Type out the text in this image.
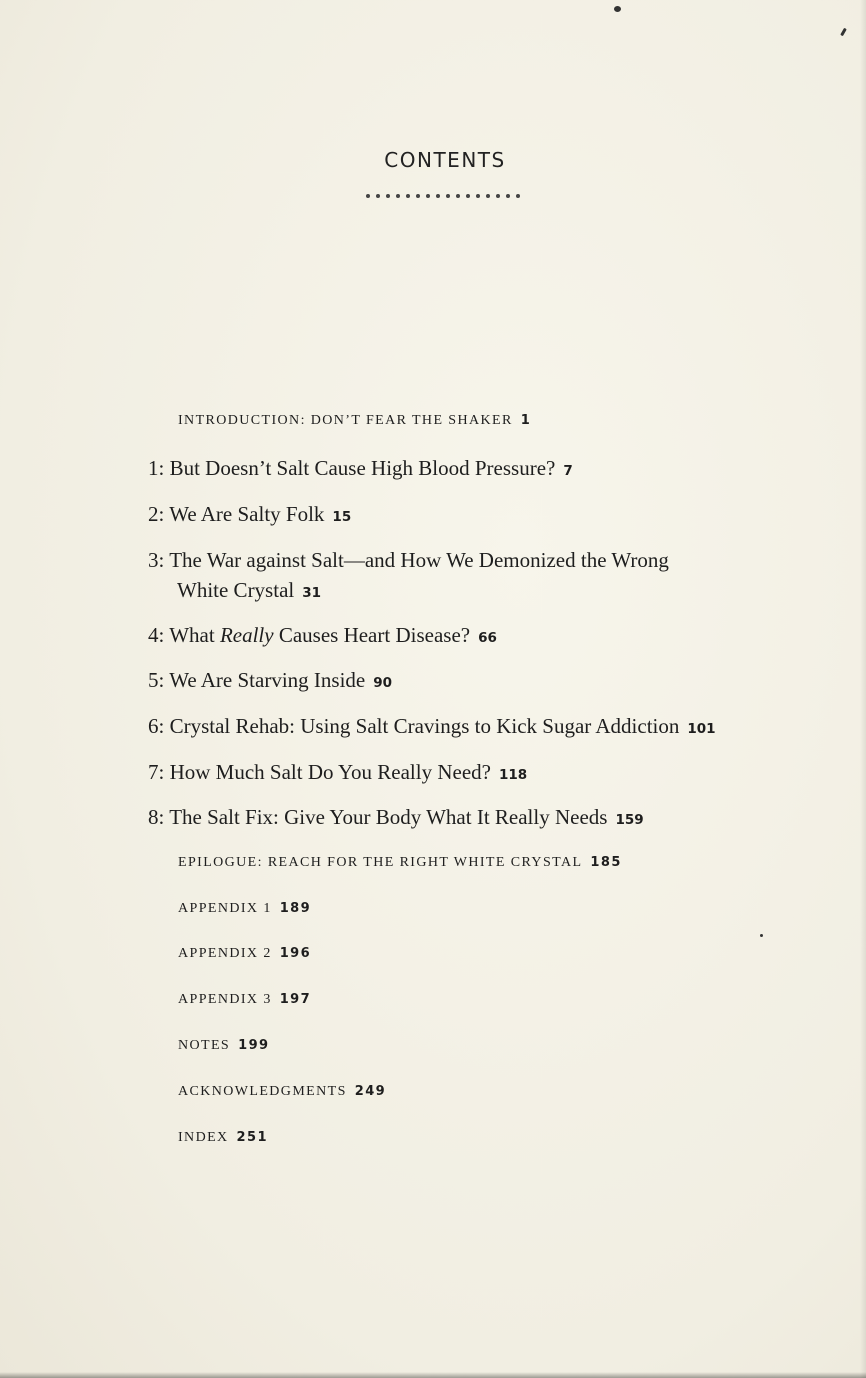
CONTENTS
INTRODUCTION: DON’T FEAR THE SHAKER 1
1: But Doesn’t Salt Cause High Blood Pressure? 7
2: We Are Salty Folk 15
3: The War against Salt—and How We Demonized the Wrong
White Crystal 31
4: What Really Causes Heart Disease? 66
5: We Are Starving Inside 90
6: Crystal Rehab: Using Salt Cravings to Kick Sugar Addiction 101
7: How Much Salt Do You Really Need? 118
8: The Salt Fix: Give Your Body What It Really Needs 159
EPILOGUE: REACH FOR THE RIGHT WHITE CRYSTAL 185
APPENDIX 1 189
APPENDIX 2 196
APPENDIX 3 197
NOTES 199
ACKNOWLEDGMENTS 249
INDEX 251
